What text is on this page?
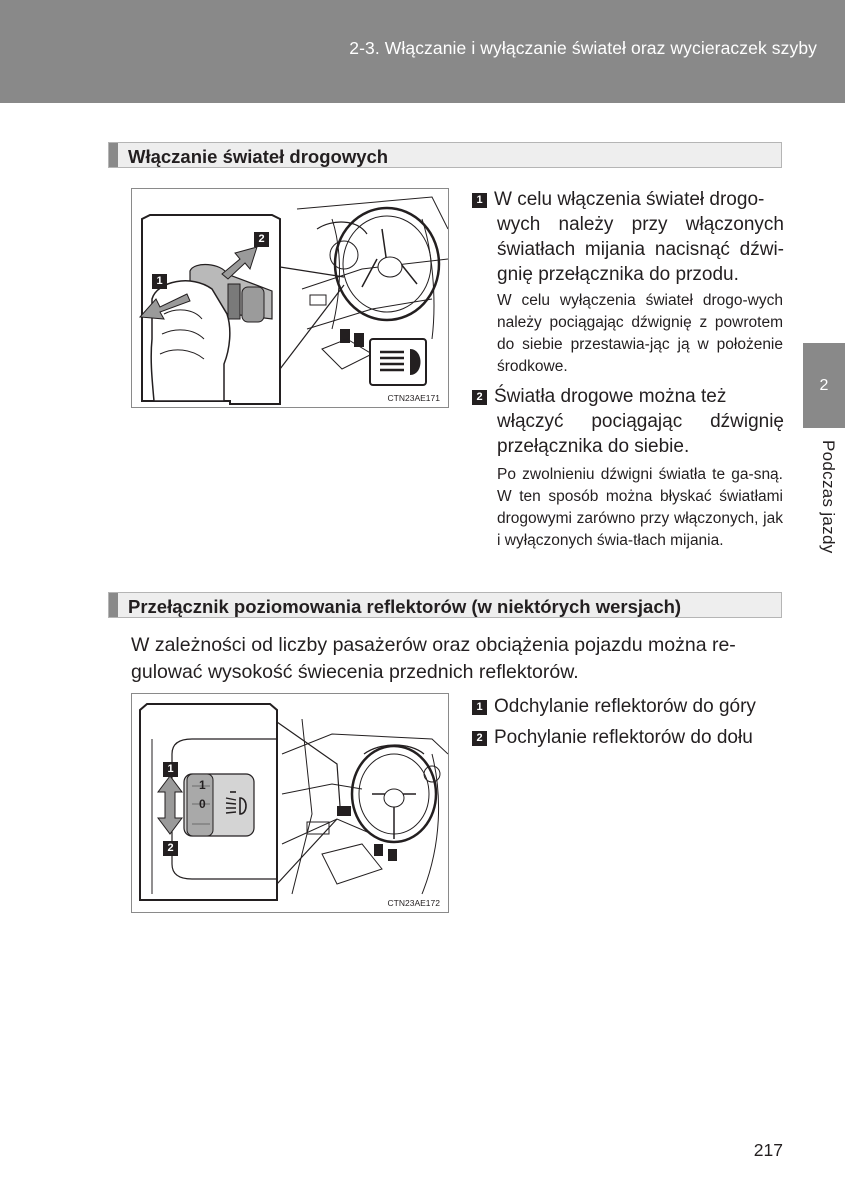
2-3. Włączanie i wyłączanie świateł oraz wycieraczek szyby
2
Podczas jazdy
Włączanie świateł drogowych
2
1
CTN23AE171
1 W celu włączenia świateł drogo-
wych należy przy włączonych światłach mijania nacisnąć dźwi-gnię przełącznika do przodu.
W celu wyłączenia świateł drogo-wych należy pociągając dźwignię z powrotem do siebie przestawia-jąc ją w położenie środkowe.
2 Światła drogowe można też
włączyć pociągając dźwignię przełącznika do siebie.
Po zwolnieniu dźwigni światła te ga-sną. W ten sposób można błyskać światłami drogowymi zarówno przy włączonych, jak i wyłączonych świa-tłach mijania.
Przełącznik poziomowania reflektorów (w niektórych wersjach)
W zależności od liczby pasażerów oraz obciążenia pojazdu można re-gulować wysokość świecenia przednich reflektorów.
1
0
1
2
CTN23AE172
1 Odchylanie reflektorów do góry
2 Pochylanie reflektorów do dołu
217
